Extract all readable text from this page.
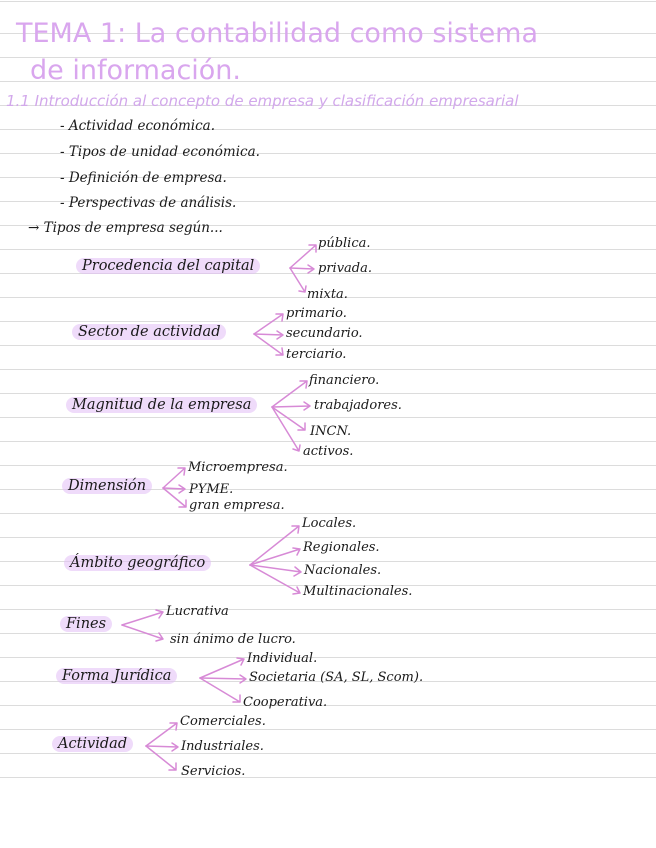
TEMA 1: La contabilidad como sistema
de información.
1.1 Introducción al concepto de empresa y clasificación empresarial
- Actividad económica.
- Tipos de unidad económica.
- Definición de empresa.
- Perspectivas de análisis.
→ Tipos de empresa según...
Procedencia del capital
pública.
privada.
mixta.
Sector de actividad
primario.
secundario.
terciario.
Magnitud de la empresa
financiero.
trabajadores.
INCN.
activos.
Dimensión
Microempresa.
PYME.
gran empresa.
Ámbito geográfico
Locales.
Regionales.
Nacionales.
Multinacionales.
Fines
Lucrativa
sin ánimo de lucro.
Forma Jurídica
Individual.
Societaria (SA, SL, Scom).
Cooperativa.
Actividad
Comerciales.
Industriales.
Servicios.
